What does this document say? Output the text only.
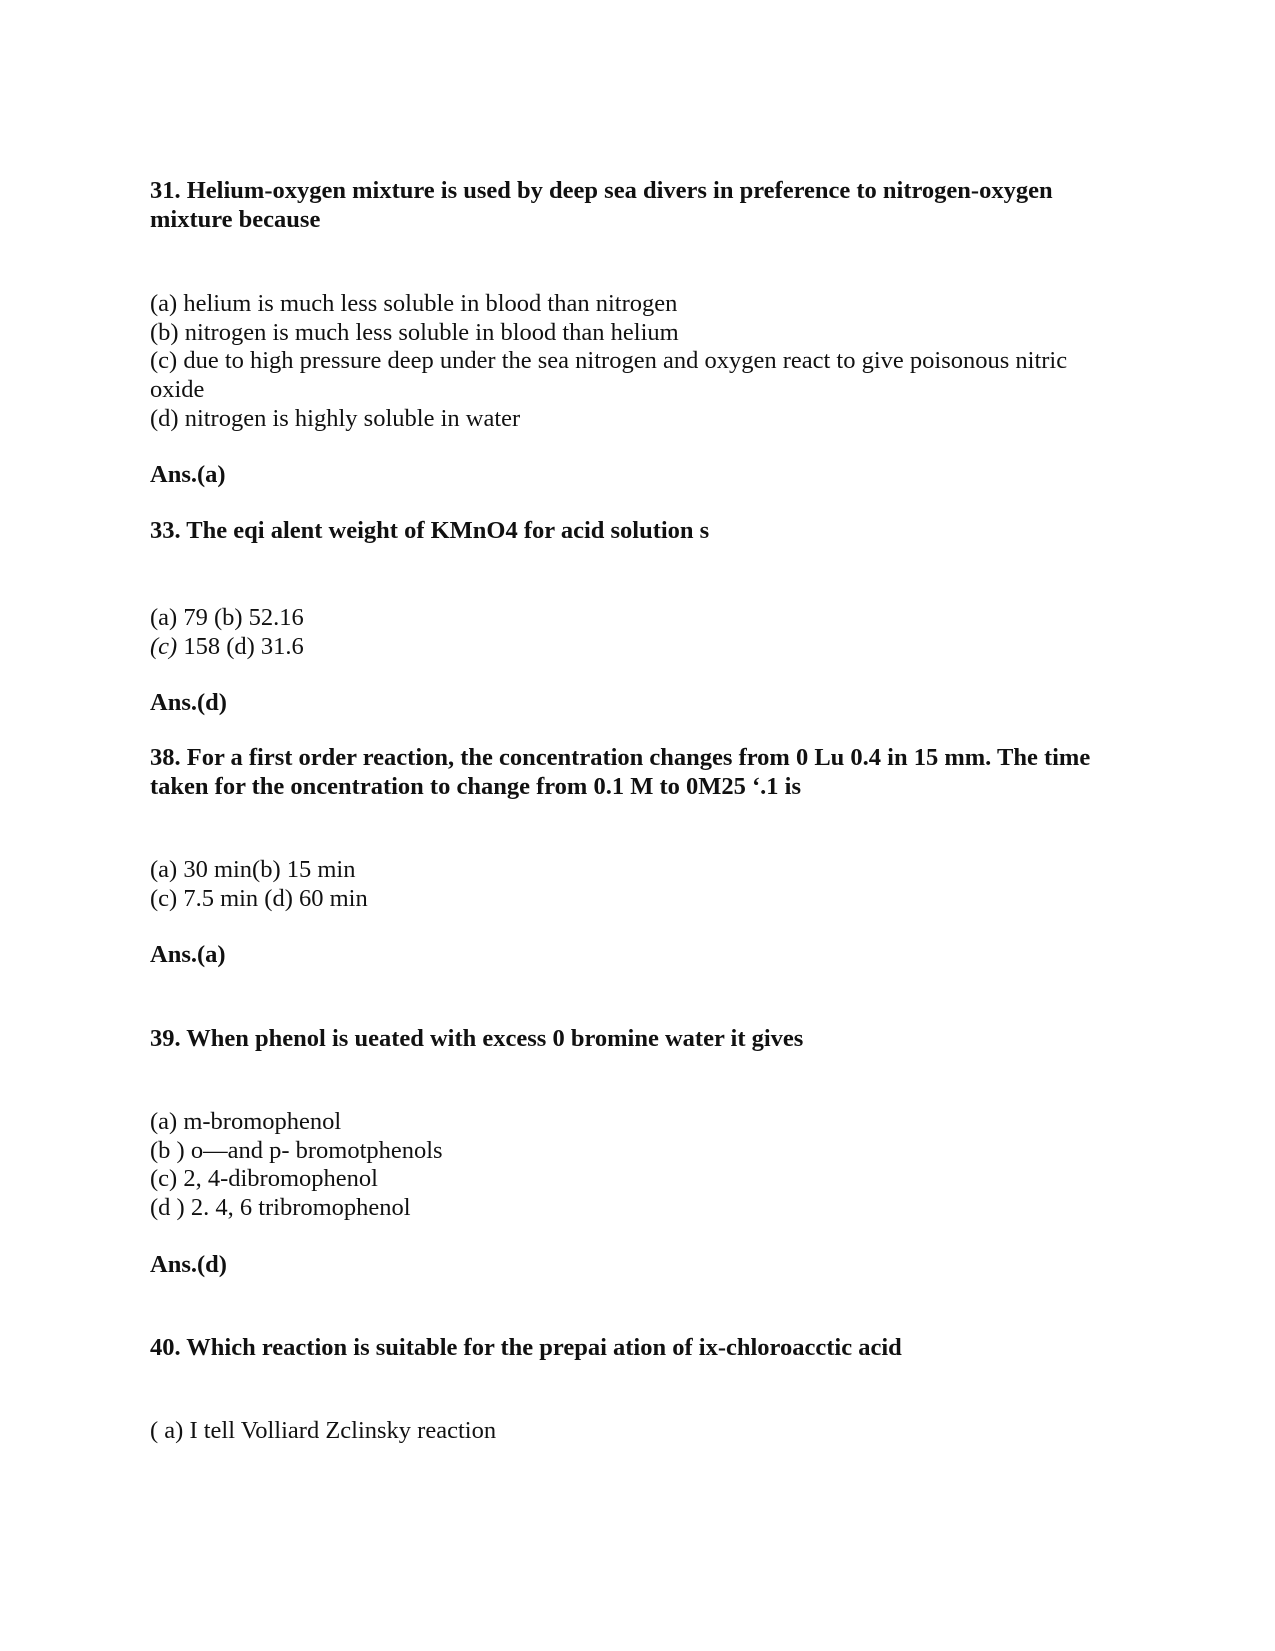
31. Helium-oxygen mixture is used by deep sea divers in preference to nitrogen-oxygen mixture because

(a) helium is much less soluble in blood than nitrogen
(b) nitrogen is much less soluble in blood than helium
(c) due to high pressure deep under the sea nitrogen and oxygen react to give poisonous nitric oxide
(d) nitrogen is highly soluble in water
Ans.(a)

33. The eqi alent weight of KMnO4 for acid solution s

(a) 79 (b) 52.16
(c) 158 (d) 31.6
Ans.(d)

38. For a first order reaction, the concentration changes from 0 Lu 0.4 in 15 mm. The time taken for the oncentration to change from 0.1 M to 0M25 ‘.1 is

(a) 30 min(b) 15 min
(c) 7.5 min (d) 60 min
Ans.(a)

39. When phenol is ueated with excess 0 bromine water it gives

(a) m-bromophenol
(b ) o—and p- bromotphenols
(c) 2, 4-dibromophenol
(d ) 2. 4, 6 tribromophenol
Ans.(d)

40. Which reaction is suitable for the prepai ation of ix-chloroacctic acid

( a) I tell Volliard Zclinsky reaction
